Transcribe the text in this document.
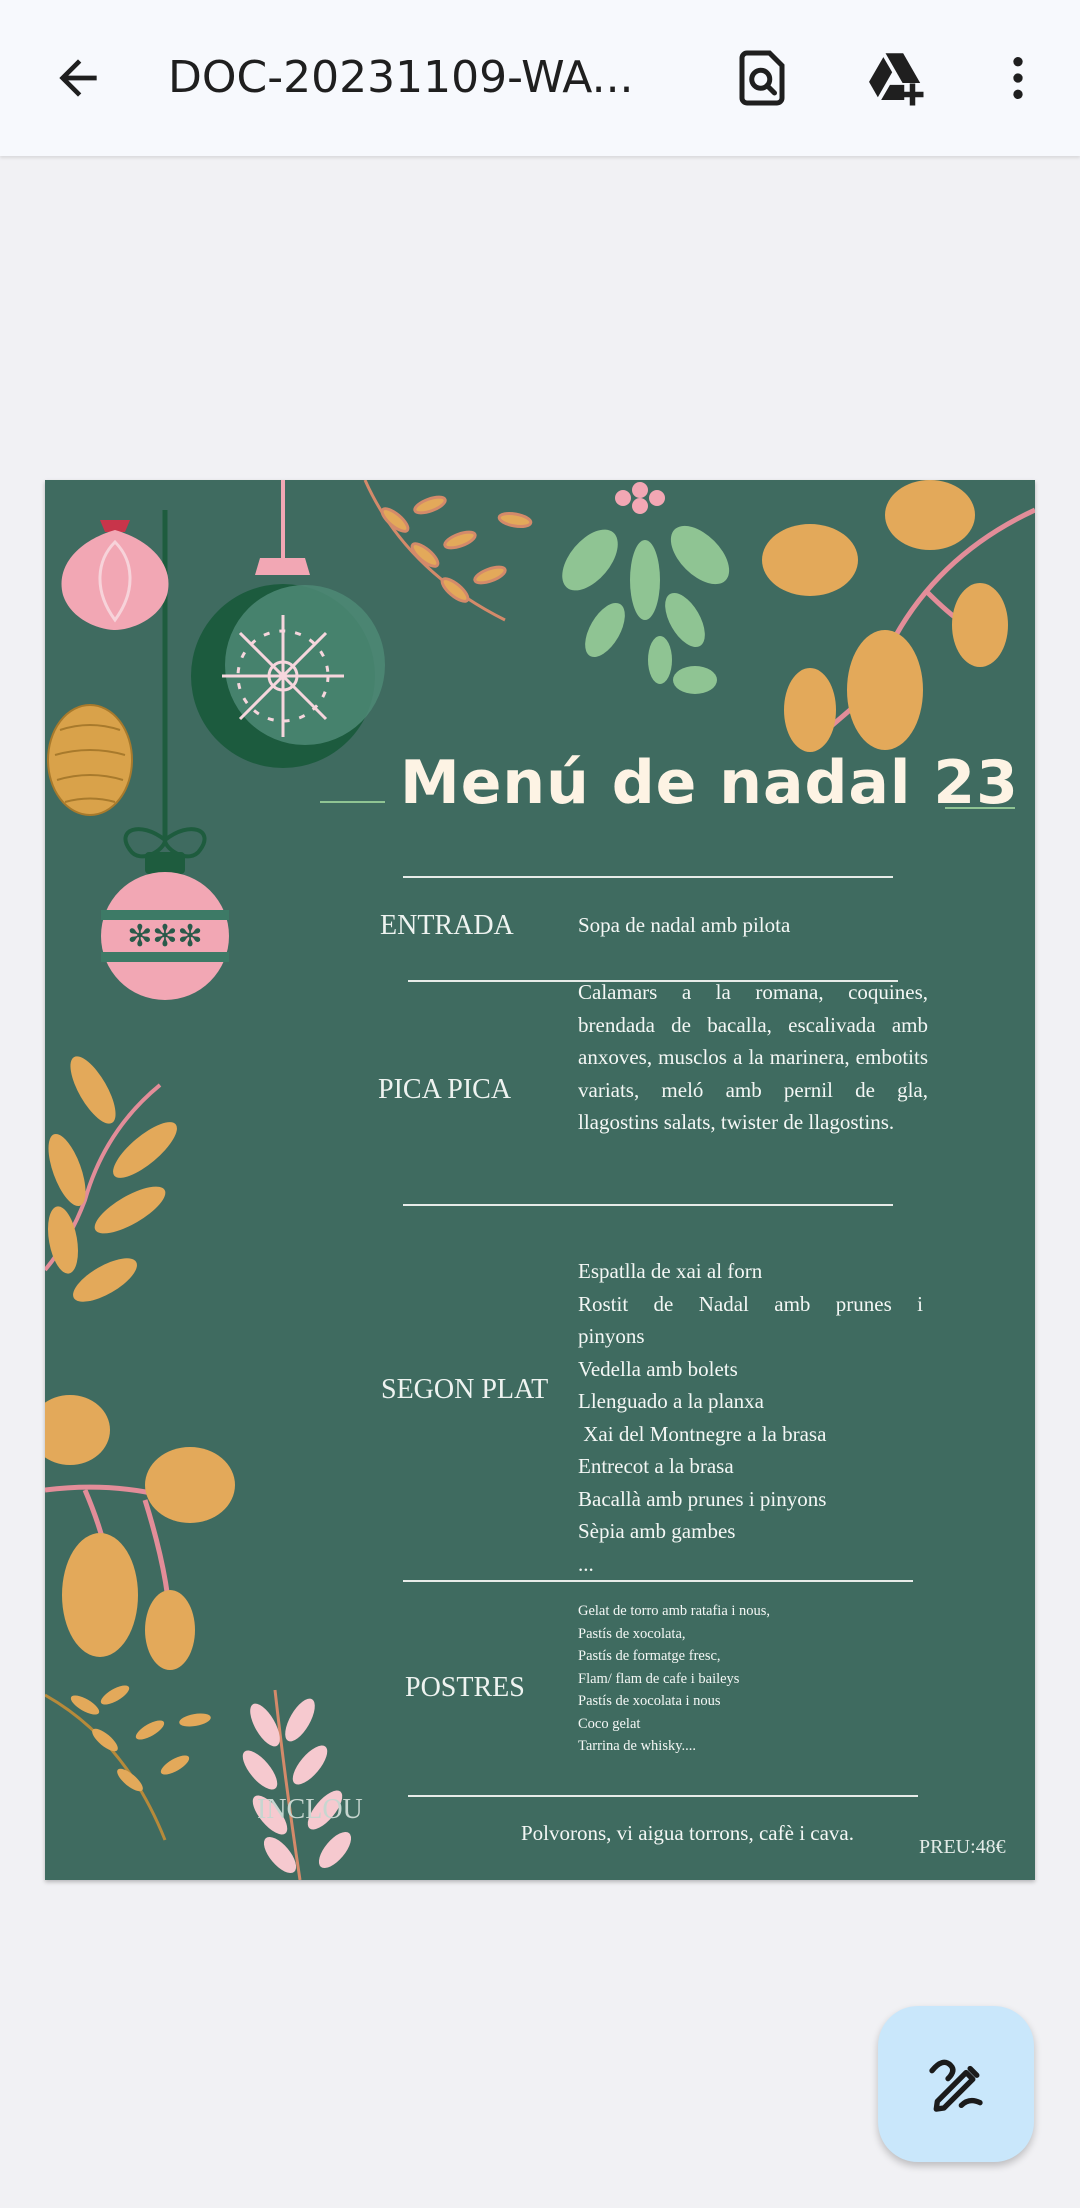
DOC-20231109-WA...
✻✻✻
Menú de nadal 23
ENTRADA	Sopa de nadal amb pilota
PICA PICA
Calamars a la romana, coquines, brendada de bacalla, escalivada amb anxoves, musclos a la marinera, embotits variats, meló amb pernil de gla, llagostins salats, twister de llagostins.
SEGON PLAT
Espatlla de xai al forn
Rostit de Nadal amb prunes i pinyons
Vedella amb bolets
Llenguado a la planxa
Xai del Montnegre a la brasa
Entrecot a la brasa
Bacallà amb prunes i pinyons
Sèpia amb gambes
...
POSTRES
Gelat de torro amb ratafia i nous,
Pastís de xocolata,
Pastís de formatge fresc,
Flam/ flam de cafe i baileys
Pastís de xocolata i nous
Coco gelat
Tarrina de whisky....
INCLOU
Polvorons, vi aigua torrons, cafè i cava.
PREU:48€
